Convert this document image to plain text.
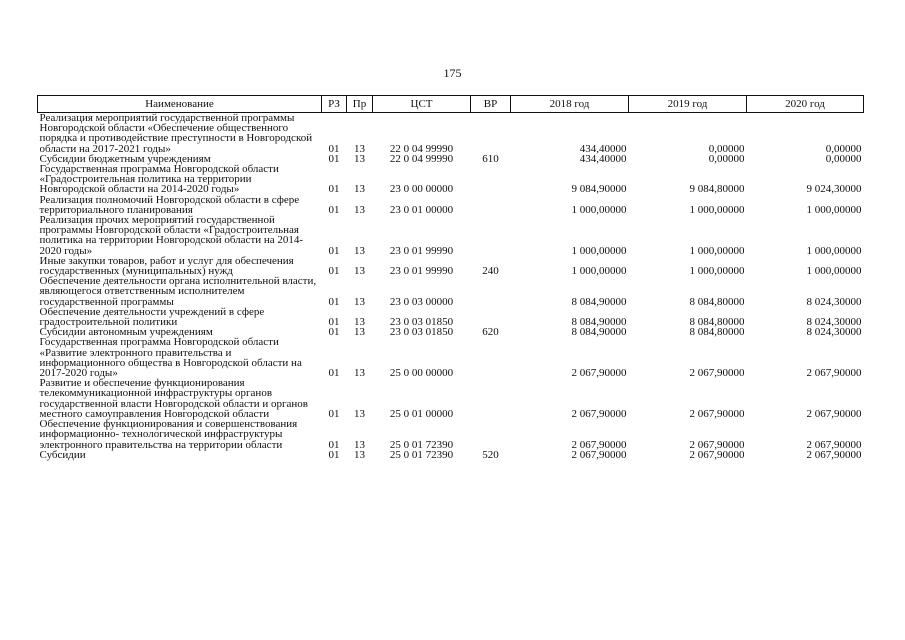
175
Наименование	РЗ	Пр	ЦСТ	ВР	2018 год	2019 год	2020 год
Реализация мероприятий государственной программы Новгородской области «Обеспечение общественного порядка и противодействие преступности в Новгородской области на 2017-2021 годы»	01	13	22 0 04 99990		434,40000	0,00000	0,00000
Субсидии бюджетным учреждениям	01	13	22 0 04 99990	610	434,40000	0,00000	0,00000
Государственная программа Новгородской области «Градостроительная политика на территории Новгородской области на 2014-2020 годы»	01	13	23 0 00 00000		9 084,90000	9 084,80000	9 024,30000
Реализация полномочий Новгородской области в сфере территориального планирования	01	13	23 0 01 00000		1 000,00000	1 000,00000	1 000,00000
Реализация прочих мероприятий государственной программы Новгородской области «Градостроительная политика на территории Новгородской области на 2014-2020 годы»	01	13	23 0 01 99990		1 000,00000	1 000,00000	1 000,00000
Иные закупки товаров, работ и услуг для обеспечения государственных (муниципальных) нужд	01	13	23 0 01 99990	240	1 000,00000	1 000,00000	1 000,00000
Обеспечение деятельности органа исполнительной власти, являющегося ответственным исполнителем государственной программы	01	13	23 0 03 00000		8 084,90000	8 084,80000	8 024,30000
Обеспечение деятельности учреждений в сфере градостроительной политики	01	13	23 0 03 01850		8 084,90000	8 084,80000	8 024,30000
Субсидии автономным учреждениям	01	13	23 0 03 01850	620	8 084,90000	8 084,80000	8 024,30000
Государственная программа Новгородской области «Развитие электронного правительства и информационного общества в Новгородской области на 2017-2020 годы»	01	13	25 0 00 00000		2 067,90000	2 067,90000	2 067,90000
Развитие и обеспечение функционирования телекоммуникационной инфраструктуры органов государственной власти Новгородской области и органов местного самоуправления Новгородской области	01	13	25 0 01 00000		2 067,90000	2 067,90000	2 067,90000
Обеспечение функционирования и совершенствования информационно- технологической инфраструктуры электронного правительства на территории области	01	13	25 0 01 72390		2 067,90000	2 067,90000	2 067,90000
Субсидии	01	13	25 0 01 72390	520	2 067,90000	2 067,90000	2 067,90000
